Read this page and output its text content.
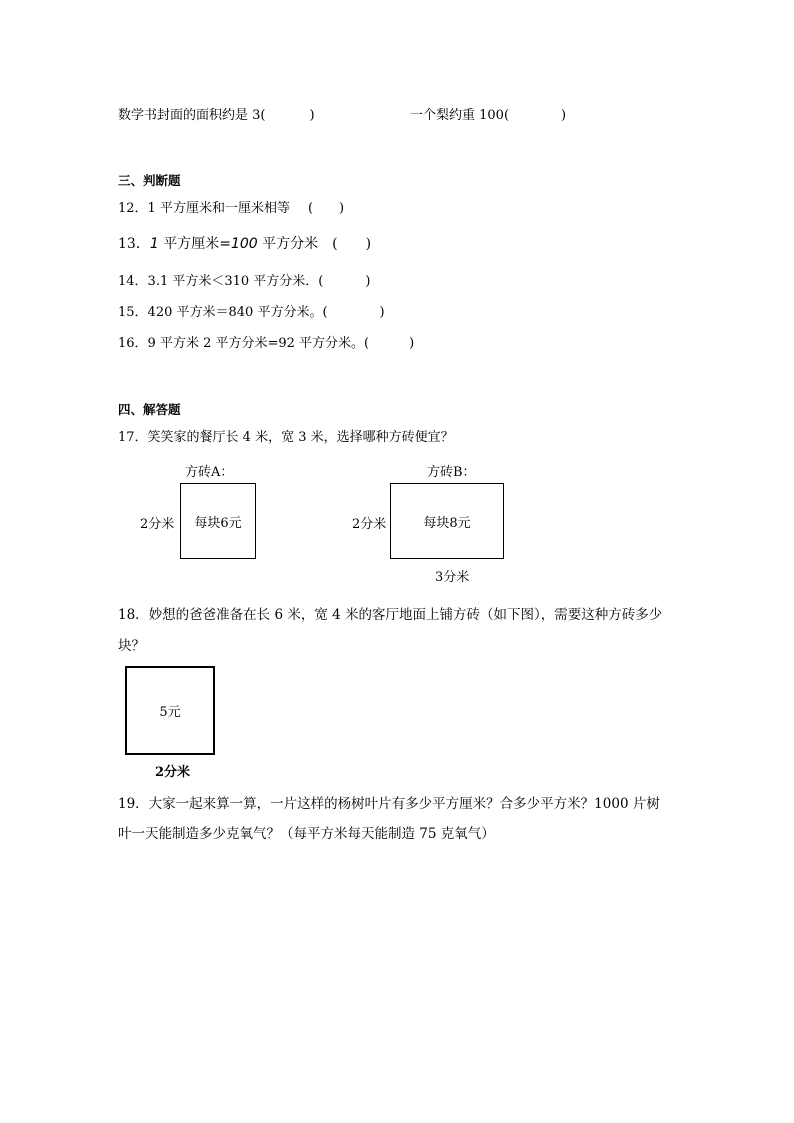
数学书封面的面积约是 3(	)	一个梨约重 100(	)
三、判断题
12．1 平方厘米和一厘米相等 (　　)
13．1 平方厘米=100 平方分米 (　　)
14．3.1 平方米＜310 平方分米．(	)
15．420 平方米＝840 平方分米。(	)
16．9 平方米 2 平方分米=92 平方分米。(	)
四、解答题
17．笑笑家的餐厅长 4 米，宽 3 米，选择哪种方砖便宜？
方砖A：
2分米 每块6元
方砖B：
2分米	每块8元
3分米
18．妙想的爸爸准备在长 6 米，宽 4 米的客厅地面上铺方砖（如下图），需要这种方砖多少
块？
5元
2分米
19．大家一起来算一算，一片这样的杨树叶片有多少平方厘米？合多少平方米？1000 片树
叶一天能制造多少克氧气？（每平方米每天能制造 75 克氧气）
